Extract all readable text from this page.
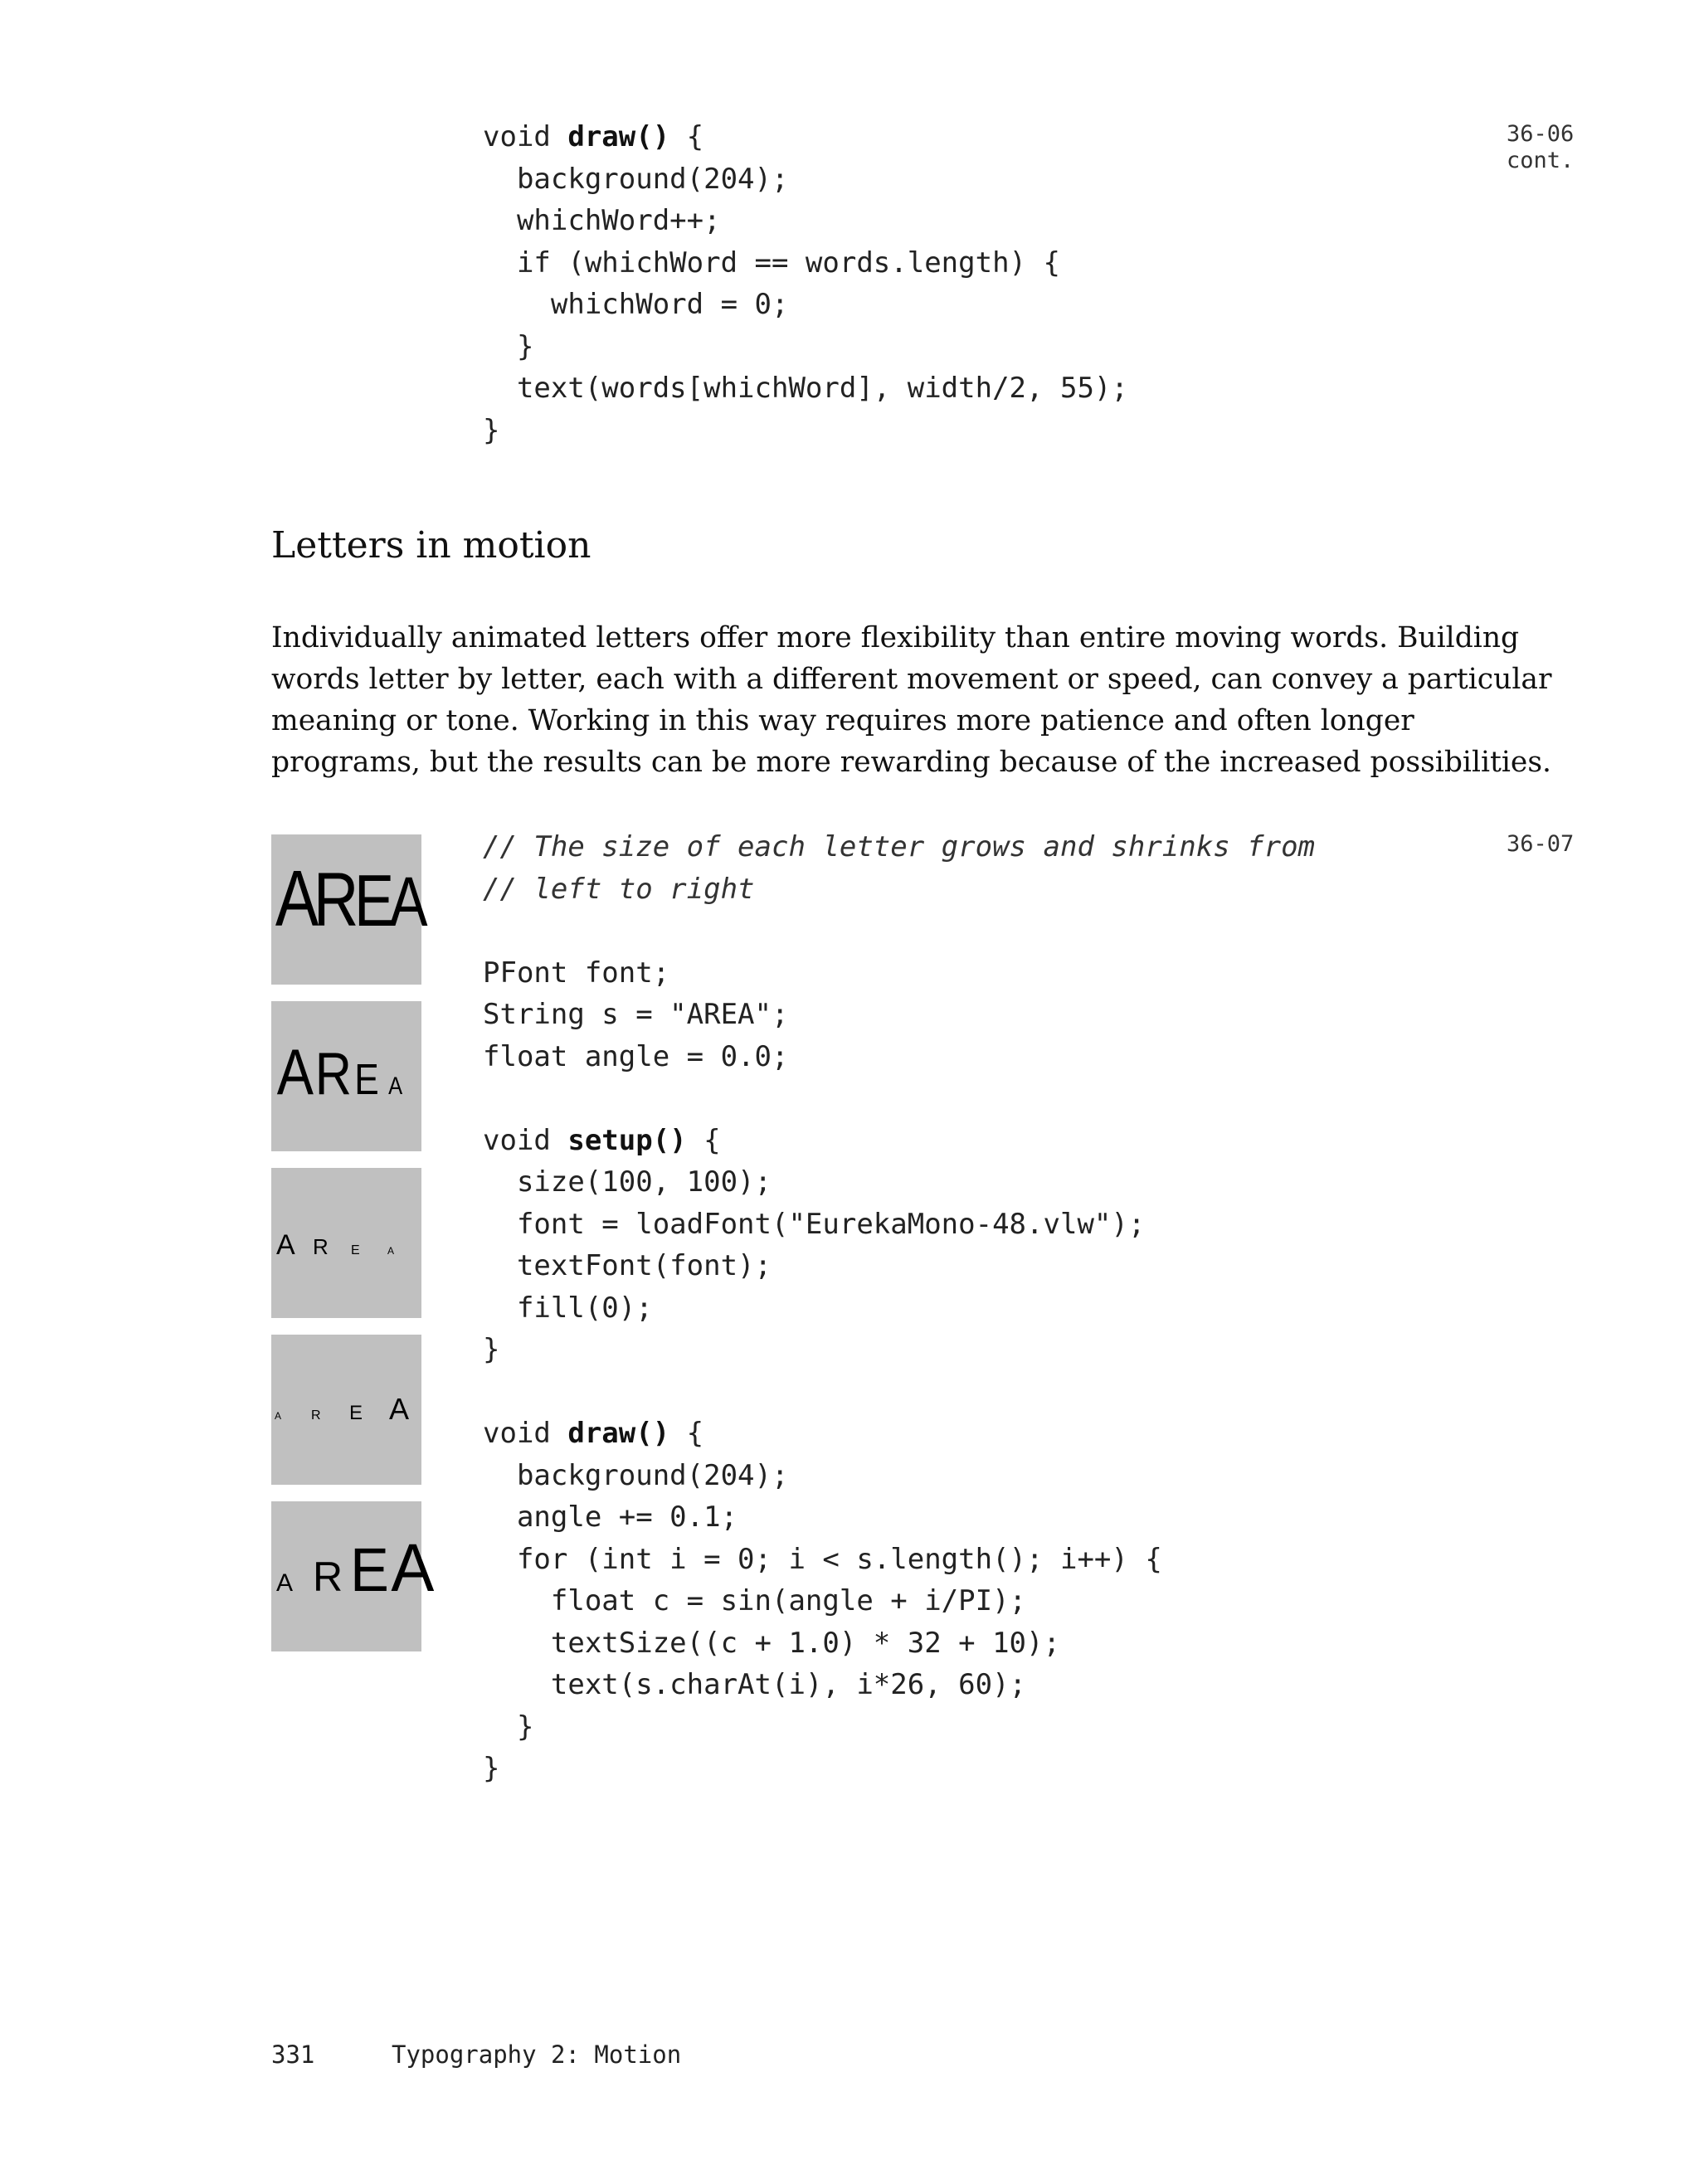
void draw() {
background(204);
whichWord++;
if (whichWord == words.length) {
whichWord = 0;
}
text(words[whichWord], width/2, 55);
}
36-06
cont.
Letters in motion
Individually animated letters offer more flexibility than entire moving words. Building
words letter by letter, each with a different movement or speed, can convey a particular
meaning or tone. Working in this way requires more patience and often longer
programs, but the results can be more rewarding because of the increased possibilities.
36-07
// The size of each letter grows and shrinks from
// left to right
PFont font;
String s = "AREA";
float angle = 0.0;
void setup() {
size(100, 100);
font = loadFont("EurekaMono-48.vlw");
textFont(font);
fill(0);
}
void draw() {
background(204);
angle += 0.1;
for (int i = 0; i < s.length(); i++) {
float c = sin(angle + i/PI);
textSize((c + 1.0) * 32 + 10);
text(s.charAt(i), i*26, 60);
}
}
A
R
E
A
A R E A
A R E	A
A R E A
A R E A
331	Typography 2: Motion
